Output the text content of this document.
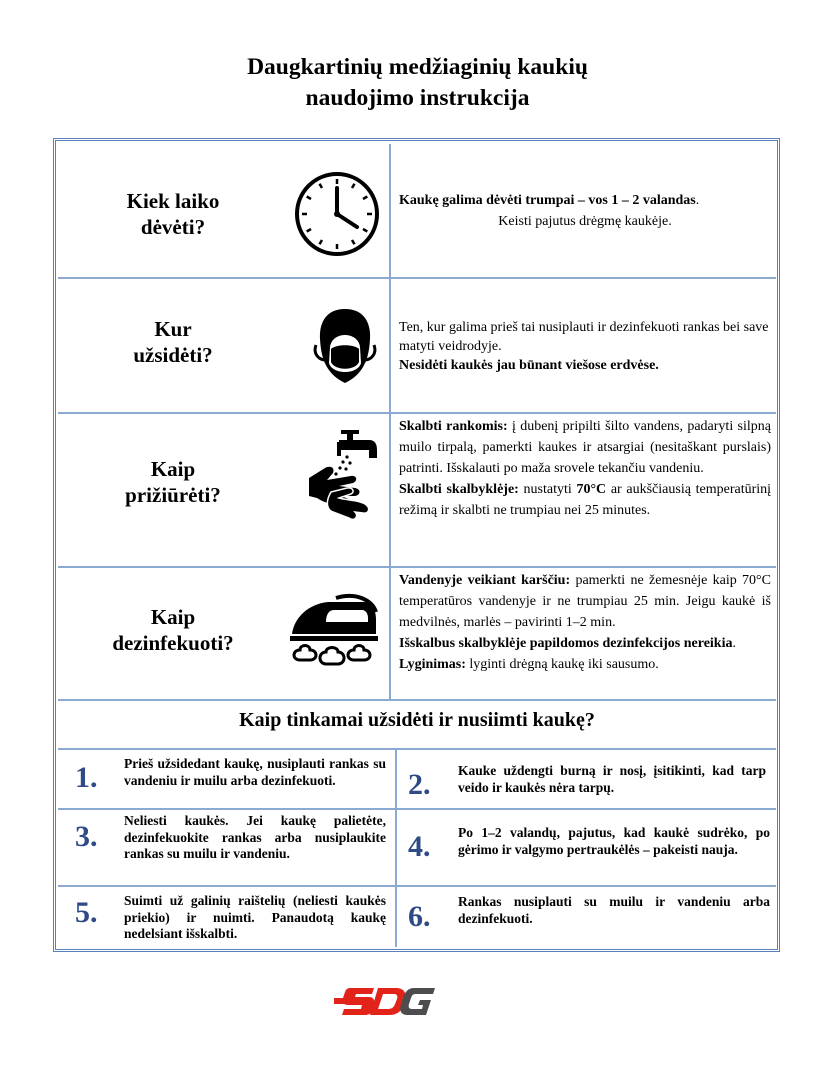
Daugkartinių medžiaginių kaukių
naudojimo instrukcija
Kiek laiko
dėvėti?
Kaukę galima dėvėti trumpai – vos 1 – 2 valandas.
Keisti pajutus drėgmę kaukėje.
Kur
užsidėti?
Ten, kur galima prieš tai nusiplauti ir dezinfekuoti rankas bei save matyti veidrodyje.
Nesidėti kaukės jau būnant viešose erdvėse.
Kaip
prižiūrėti?
Skalbti rankomis: į dubenį pripilti šilto vandens, padaryti silpną muilo tirpalą, pamerkti kaukes ir atsargiai (nesitaškant purslais) patrinti. Išskalauti po maža srovele tekančiu vandeniu.
Skalbti skalbyklėje: nustatyti 70°C ar aukščiausią temperatūrinį režimą ir skalbti ne trumpiau nei 25 minutes.
Kaip
dezinfekuoti?
Vandenyje veikiant karščiu: pamerkti ne žemesnėje kaip 70°C temperatūros vandenyje ir ne trumpiau 25 min. Jeigu kaukė iš medvilnės, marlės – pavirinti 1–2 min.
Išskalbus skalbyklėje papildomos dezinfekcijos nereikia.
Lyginimas: lyginti drėgną kaukę iki sausumo.
Kaip tinkamai užsidėti ir nusiimti kaukę?
1. Prieš užsidedant kaukę, nusiplauti rankas su vandeniu ir muilu arba dezinfekuoti.	2. Kauke uždengti burną ir nosį, įsitikinti, kad tarp veido ir kaukės nėra tarpų.
3. Neliesti kaukės. Jei kaukę palietėte, dezinfekuokite rankas arba nusiplaukite rankas su muilu ir vandeniu.	4. Po 1–2 valandų, pajutus, kad kaukė sudrėko, po gėrimo ir valgymo pertraukėlės – pakeisti nauja.
5. Suimti už galinių raištelių (neliesti kaukės priekio) ir nuimti. Panaudotą kaukę nedelsiant išskalbti.
6. Rankas nusiplauti su muilu ir vandeniu arba dezinfekuoti.
SDG
